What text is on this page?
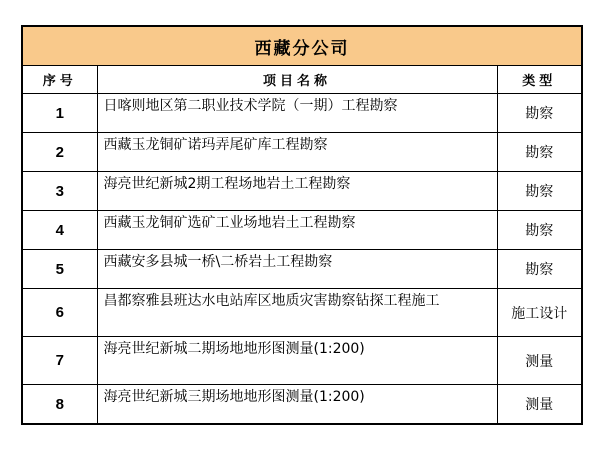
西藏分公司		
序号	项目名称	类型
1	日喀则地区第二职业技术学院（一期）工程勘察	勘察
2	西藏玉龙铜矿诺玛弄尾矿库工程勘察	勘察
3	海亮世纪新城2期工程场地岩土工程勘察	勘察
4	西藏玉龙铜矿选矿工业场地岩土工程勘察	勘察
5	西藏安多县城一桥\二桥岩土工程勘察	勘察
6	昌都察雅县班达水电站库区地质灾害勘察钻探工程施工	施工设计
7	海亮世纪新城二期场地地形图测量(1:200)	测量
8	海亮世纪新城三期场地地形图测量(1:200)	测量
